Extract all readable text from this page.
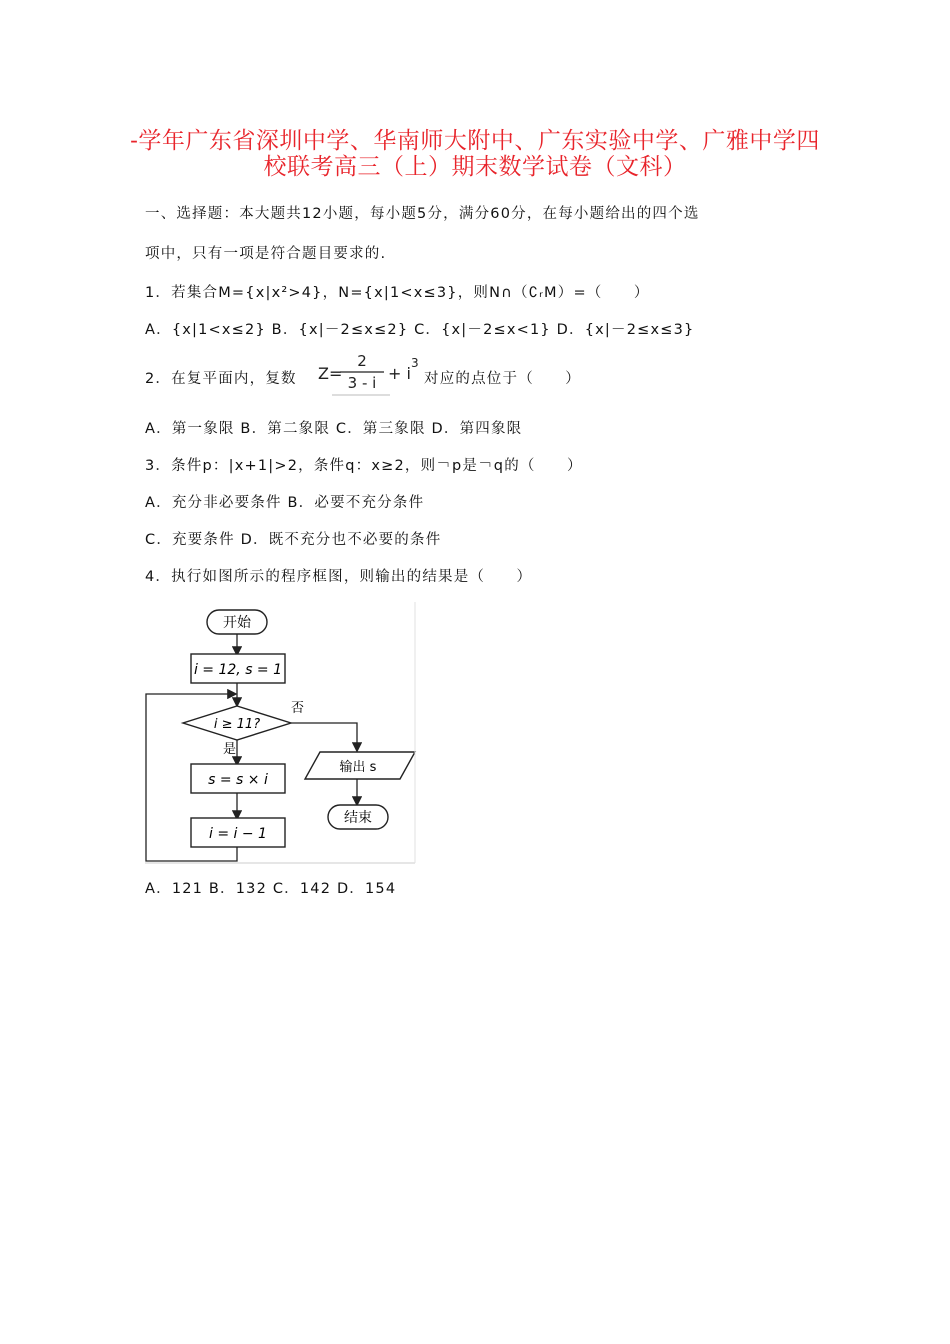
-学年广东省深圳中学、华南师大附中、广东实验中学、广雅中学四
校联考高三（上）期末数学试卷（文科）
一、选择题：本大题共12小题，每小题5分，满分60分，在每小题给出的四个选
项中，只有一项是符合题目要求的.
1．若集合M={x|x²>4}，N={x|1<x≤3}，则N∩（∁ᵣM）=（　　）
A．{x|1<x≤2} B．{x|－2≤x≤2} C．{x|－2≤x<1} D．{x|－2≤x≤3}
2．在复平面内，复数 Z=
2
3 - i + i
3
对应的点位于（　　）
A．第一象限 B．第二象限 C．第三象限 D．第四象限
3．条件p：|x+1|>2，条件q：x≥2，则￢p是￢q的（　　）
A．充分非必要条件 B．必要不充分条件
C．充要条件 D．既不充分也不必要的条件
4．执行如图所示的程序框图，则输出的结果是（　　）
开始
i = 12, s = 1
i ≥ 11?
是
否
s = s × i
i = i − 1
输出 s
结束
A．121 B．132 C．142 D．154
